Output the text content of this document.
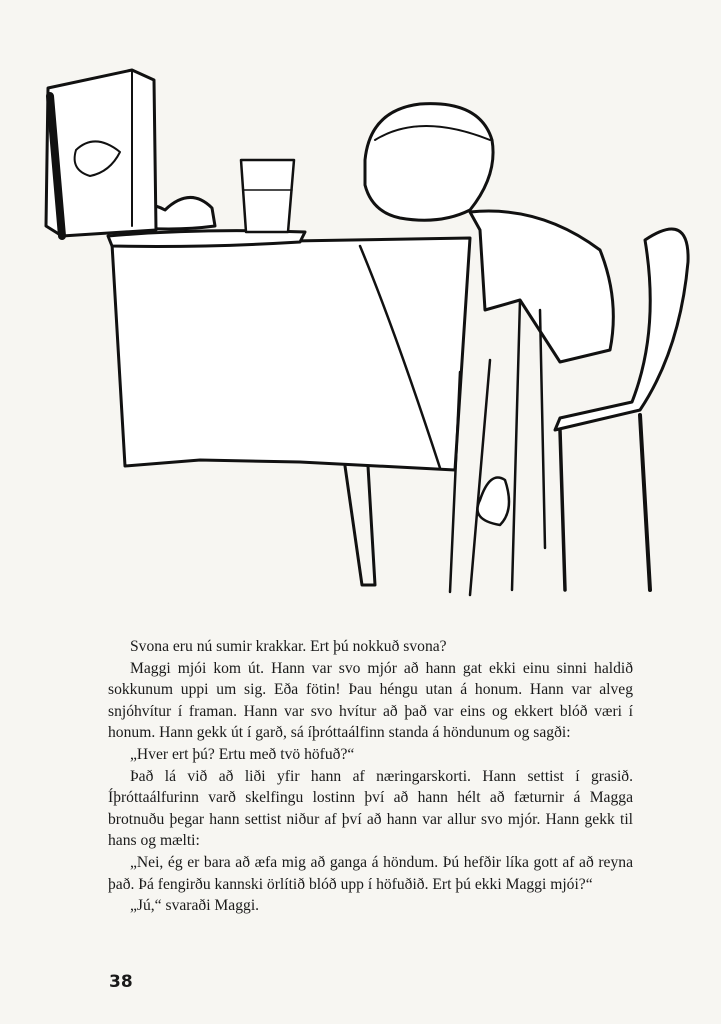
Svona eru nú sumir krakkar. Ert þú nokkuð svona?

Maggi mjói kom út. Hann var svo mjór að hann gat ekki einu sinni haldið sokkunum uppi um sig. Eða fötin! Þau héngu utan á honum. Hann var alveg snjóhvítur í framan. Hann var svo hvítur að það var eins og ekkert blóð væri í honum. Hann gekk út í garð, sá íþróttaálfinn standa á höndunum og sagði:

„Hver ert þú? Ertu með tvö höfuð?“

Það lá við að liði yfir hann af næringarskorti. Hann settist í grasið. Íþróttaálfurinn varð skelfingu lostinn því að hann hélt að fæturnir á Magga brotnuðu þegar hann settist niður af því að hann var allur svo mjór. Hann gekk til hans og mælti:

„Nei, ég er bara að æfa mig að ganga á höndum. Þú hefðir líka gott af að reyna það. Þá fengirðu kannski örlítið blóð upp í höfuðið. Ert þú ekki Maggi mjói?“

„Jú,“ svaraði Maggi.

38
